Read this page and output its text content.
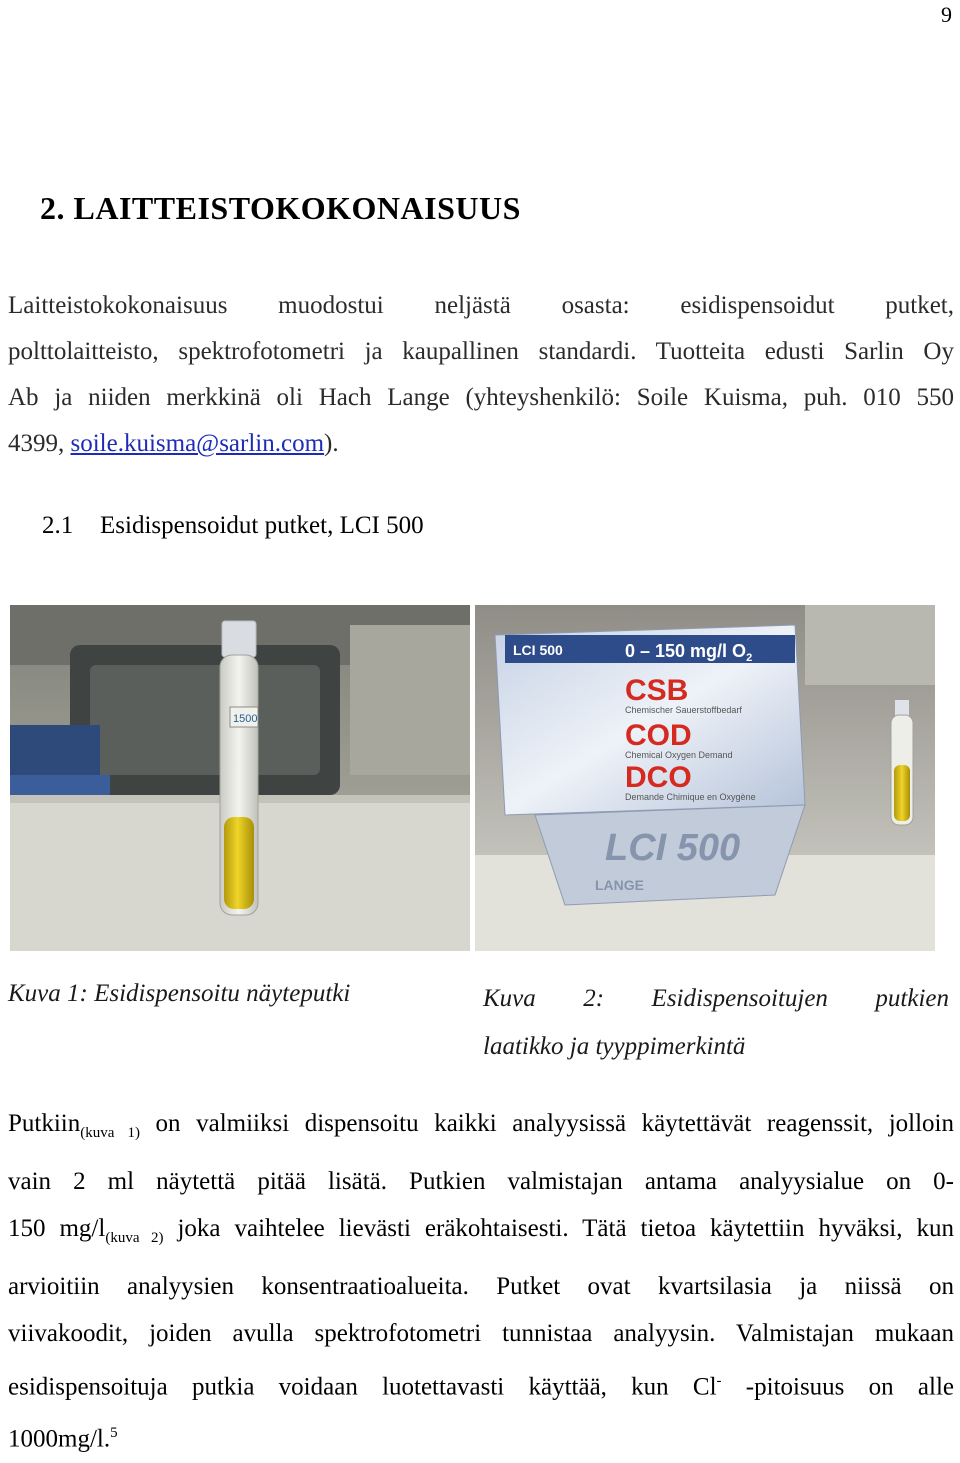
9
2. LAITTEISTOKOKONAISUUS
Laitteistokokonaisuus muodostui neljästä osasta: esidispensoidut putket,
polttolaitteisto, spektrofotometri ja kaupallinen standardi. Tuotteita edusti Sarlin Oy
Ab ja niiden merkkinä oli Hach Lange (yhteyshenkilö: Soile Kuisma, puh. 010 550
4399, soile.kuisma@sarlin.com).
2.1 Esidispensoidut putket, LCI 500
1500
LCI 500	0 – 150 mg/l $O_2$
CSB
Chemischer Sauerstoffbedarf
COD
Chemical Oxygen Demand
DCO
Demande Chimique en Oxygène
LCI 500
LANGE
Kuva 1: Esidispensoitu näyteputki	Kuva 2: Esidispensoitujen putkien
laatikko ja tyyppimerkintä
Putkiin$_{(kuva 1)}$ on valmiiksi dispensoitu kaikki analyysissä käytettävät reagenssit, jolloin
vain 2 ml näytettä pitää lisätä. Putkien valmistajan antama analyysialue on 0-
150 $mg/l_{(kuva 2)}$ joka vaihtelee lievästi eräkohtaisesti. Tätä tietoa käytettiin hyväksi, kun
arvioitiin analyysien konsentraatioalueita. Putket ovat kvartsilasia ja niissä on
viivakoodit, joiden avulla spektrofotometri tunnistaa analyysin. Valmistajan mukaan
esidispensoituja putkia voidaan luotettavasti käyttää, kun Cl- -pitoisuus on alle
1000mg/l.$^5$
